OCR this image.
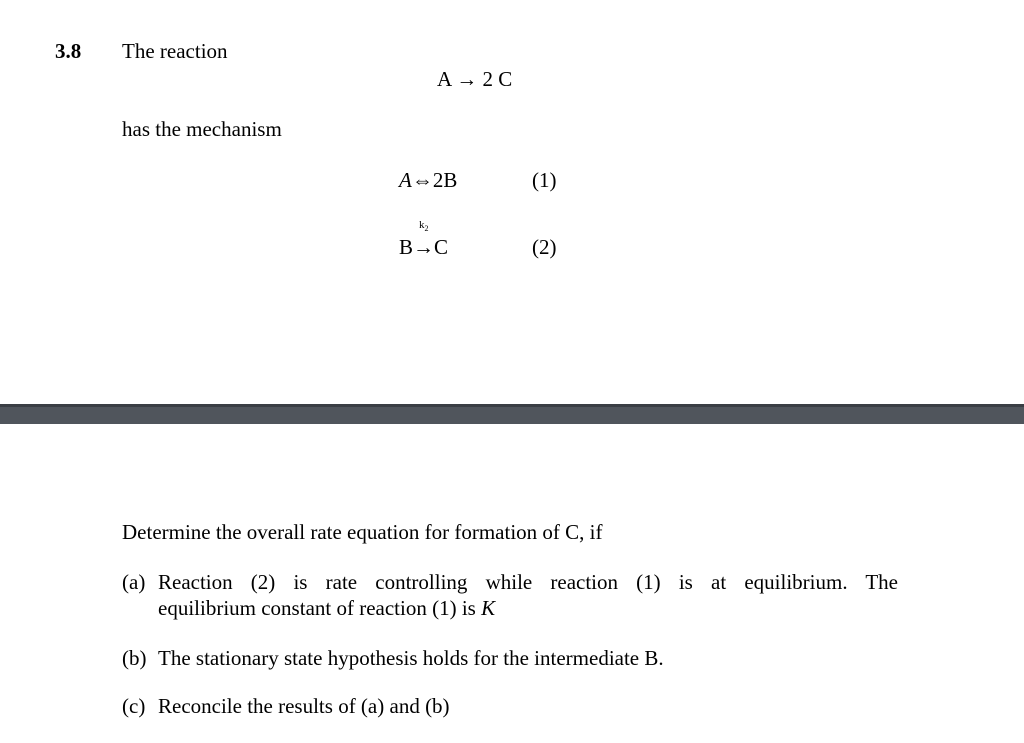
3.8 The reaction
A → 2 C
has the mechanism
A⇔2B	(1)
$k_2$
B→C	(2)
Determine the overall rate equation for formation of C, if
(a) Reaction (2) is rate controlling while reaction (1) is at equilibrium. The
equilibrium constant of reaction (1) is K
(b) The stationary state hypothesis holds for the intermediate B.
(c) Reconcile the results of (a) and (b)
